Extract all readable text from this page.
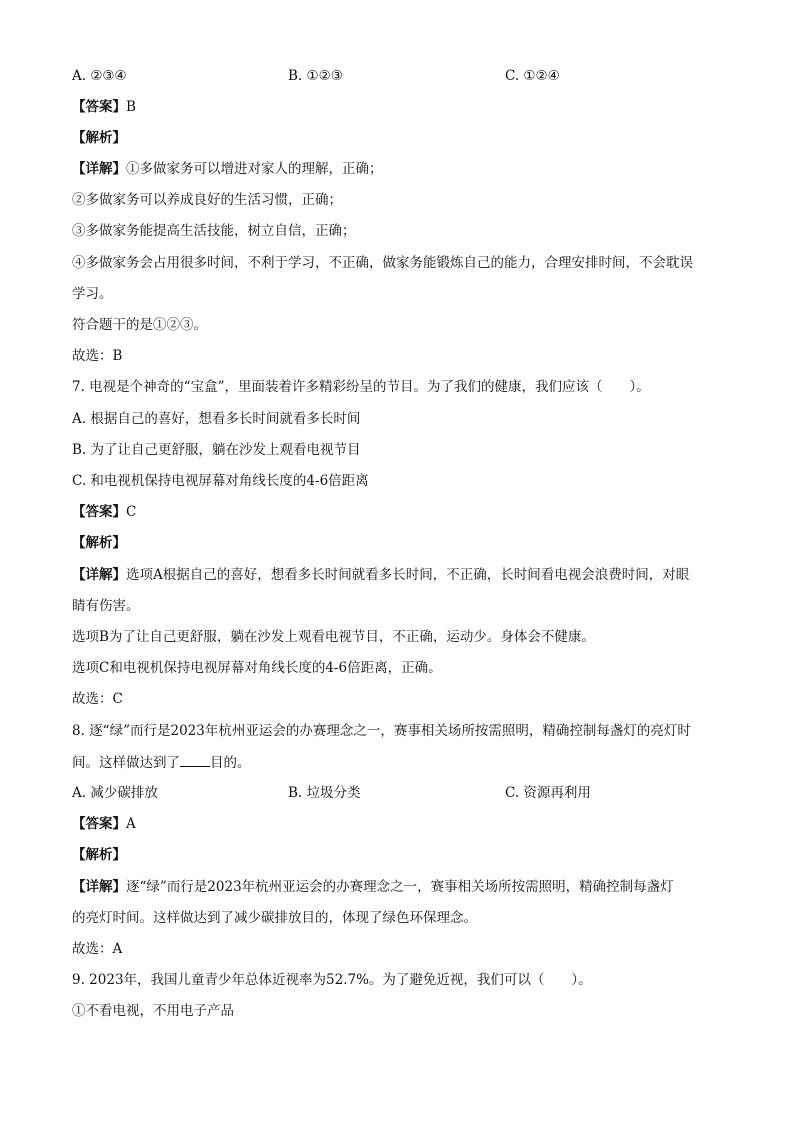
A. ②③④	B. ①②③	C. ①②④
【答案】B
【解析】
【详解】①多做家务可以增进对家人的理解，正确；
②多做家务可以养成良好的生活习惯，正确；
③多做家务能提高生活技能，树立自信，正确；
④多做家务会占用很多时间，不利于学习，不正确，做家务能锻炼自己的能力，合理安排时间，不会耽误
学习。
符合题干的是①②③。
故选：B
7. 电视是个神奇的“宝盒”，里面装着许多精彩纷呈的节目。为了我们的健康，我们应该（　　）。
A. 根据自己的喜好，想看多长时间就看多长时间
B. 为了让自己更舒服，躺在沙发上观看电视节目
C. 和电视机保持电视屏幕对角线长度的4-6倍距离
【答案】C
【解析】
【详解】选项A根据自己的喜好，想看多长时间就看多长时间，不正确，长时间看电视会浪费时间，对眼
睛有伤害。
选项B为了让自己更舒服，躺在沙发上观看电视节目，不正确，运动少。身体会不健康。
选项C和电视机保持电视屏幕对角线长度的4-6倍距离，正确。
故选：C
8. 逐“绿”而行是2023年杭州亚运会的办赛理念之一，赛事相关场所按需照明，精确控制每盏灯的亮灯时
间。这样做达到了 目的。
A. 减少碳排放	B. 垃圾分类	C. 资源再利用
【答案】A
【解析】
【详解】逐“绿”而行是2023年杭州亚运会的办赛理念之一，赛事相关场所按需照明，精确控制每盏灯
的亮灯时间。这样做达到了减少碳排放目的，体现了绿色环保理念。
故选：A
9. 2023年，我国儿童青少年总体近视率为52.7%。为了避免近视，我们可以（　　）。
①不看电视，不用电子产品
